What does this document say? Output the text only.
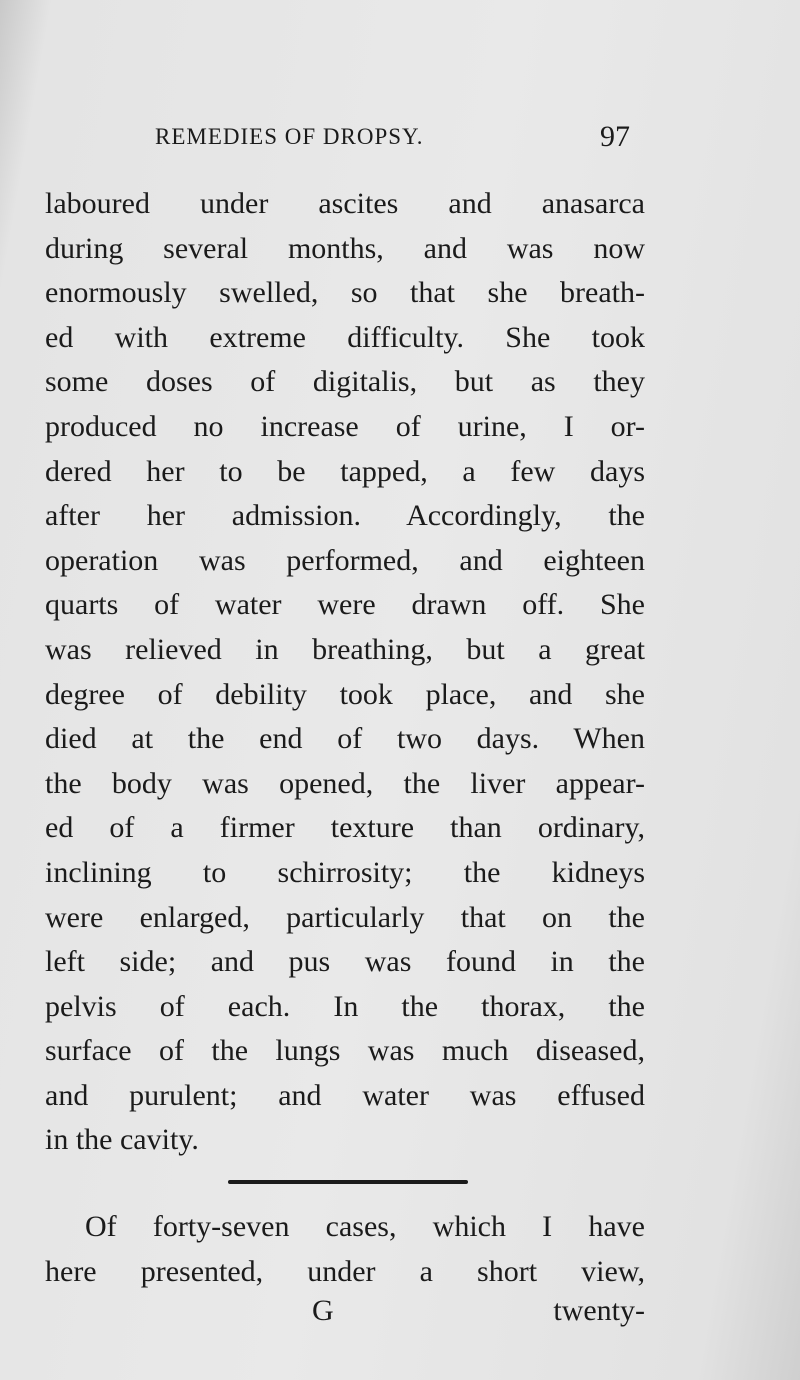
REMEDIES OF DROPSY.	97
laboured under ascites and anasarca
during several months, and was now
enormously swelled, so that she breath-
ed with extreme difficulty. She took
some doses of digitalis, but as they
produced no increase of urine, I or-
dered her to be tapped, a few days
after her admission. Accordingly, the
operation was performed, and eighteen
quarts of water were drawn off. She
was relieved in breathing, but a great
degree of debility took place, and she
died at the end of two days. When
the body was opened, the liver appear-
ed of a firmer texture than ordinary,
inclining to schirrosity; the kidneys
were enlarged, particularly that on the
left side; and pus was found in the
pelvis of each. In the thorax, the
surface of the lungs was much diseased,
and purulent; and water was effused
in the cavity.
Of forty-seven cases, which I have
here presented, under a short view,
G	twenty-
